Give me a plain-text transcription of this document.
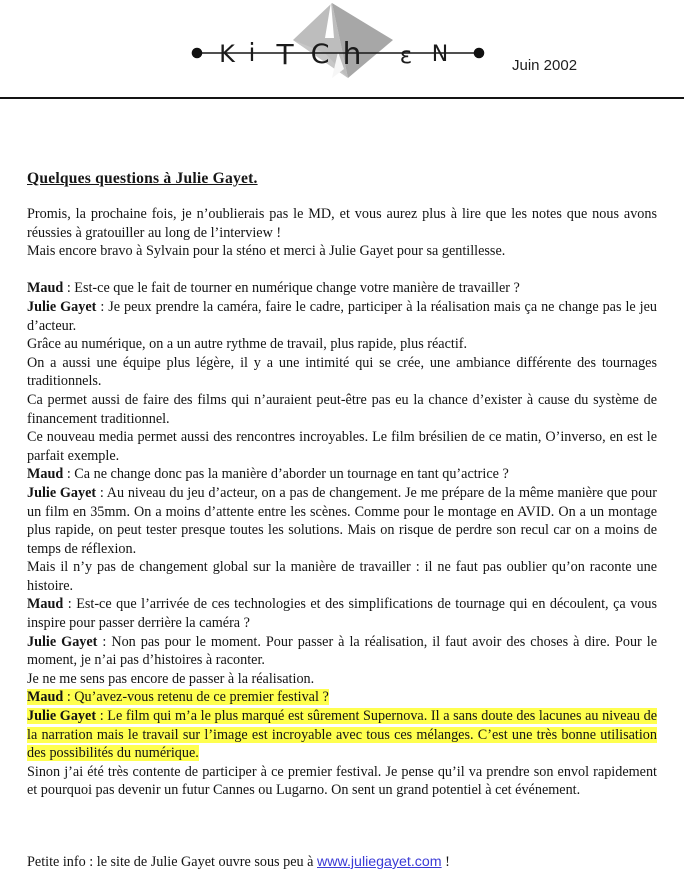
K i T C h ε N	Juin 2002
Quelques questions à Julie Gayet.

Promis, la prochaine fois, je n’oublierais pas le MD, et vous aurez plus à lire que les notes que nous avons réussies à gratouiller au long de l’interview !

Mais encore bravo à Sylvain pour la sténo et merci à Julie Gayet pour sa gentillesse.

Maud : Est-ce que le fait de tourner en numérique change votre manière de travailler ?

Julie Gayet : Je peux prendre la caméra, faire le cadre, participer à la réalisation mais ça ne change pas le jeu d’acteur.

Grâce au numérique, on a un autre rythme de travail, plus rapide, plus réactif.

On a aussi une équipe plus légère, il y a une intimité qui se crée, une ambiance différente des tournages traditionnels.

Ca permet aussi de faire des films qui n’auraient peut-être pas eu la chance d’exister à cause du système de financement traditionnel.

Ce nouveau media permet aussi des rencontres incroyables. Le film brésilien de ce matin, O’inverso, en est le parfait exemple.

Maud : Ca ne change donc pas la manière d’aborder un tournage en tant qu’actrice ?

Julie Gayet : Au niveau du jeu d’acteur, on a pas de changement. Je me prépare de la même manière que pour un film en 35mm. On a moins d’attente entre les scènes. Comme pour le montage en AVID. On a un montage plus rapide, on peut tester presque toutes les solutions. Mais on risque de perdre son recul car on a moins de temps de réflexion.

Mais il n’y pas de changement global sur la manière de travailler : il ne faut pas oublier qu’on raconte une histoire.

Maud : Est-ce que l’arrivée de ces technologies et des simplifications de tournage qui en découlent, ça vous inspire pour passer derrière la caméra ?

Julie Gayet : Non pas pour le moment. Pour passer à la réalisation, il faut avoir des choses à dire. Pour le moment, je n’ai pas d’histoires à raconter.

Je ne me sens pas encore de passer à la réalisation.

Maud : Qu’avez-vous retenu de ce premier festival ?

Julie Gayet : Le film qui m’a le plus marqué est sûrement Supernova. Il a sans doute des lacunes au niveau de la narration mais le travail sur l’image est incroyable avec tous ces mélanges. C’est une très bonne utilisation des possibilités du numérique.

Sinon j’ai été très contente de participer à ce premier festival. Je pense qu’il va prendre son envol rapidement et pourquoi pas devenir un futur Cannes ou Lugarno. On sent un grand potentiel à cet événement.

Petite info : le site de Julie Gayet ouvre sous peu à www.juliegayet.com !
